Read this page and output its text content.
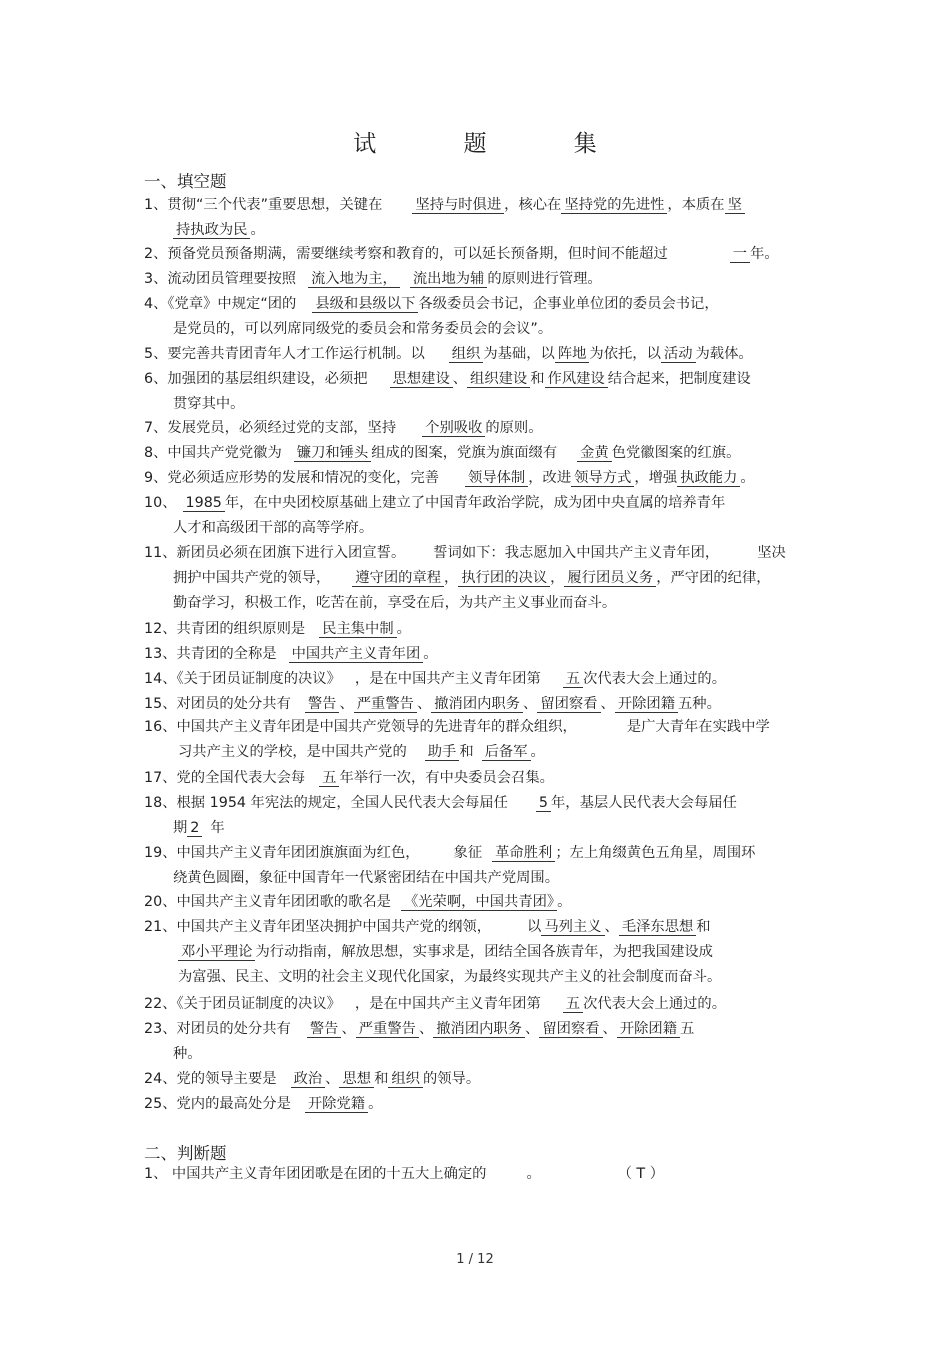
试 题 集
一、填空题
1、贯彻“三个代表”重要思想，关键在 坚持与时俱进 ，核心在 坚持党的先进性 ，本质在 坚
持执政为民 。
2、预备党员预备期满，需要继续考察和教育的，可以延长预备期，但时间不能超过	一 年。
3、流动团员管理要按照 流入地为主， 流出地为辅 的原则进行管理。
4、《党章》中规定“团的 县级和县级以下 各级委员会书记，企事业单位团的委员会书记，
是党员的，可以列席同级党的委员会和常务委员会的会议”。
5、要完善共青团青年人才工作运行机制。以 组织 为基础，以 阵地 为依托，以 活动 为载体。
6、加强团的基层组织建设，必须把 思想建设 、 组织建设 和 作风建设 结合起来，把制度建设
贯穿其中。
7、发展党员，必须经过党的支部，坚持 个别吸收 的原则。
8、中国共产党党徽为 镰刀和锤头 组成的图案，党旗为旗面缀有 金黄 色党徽图案的红旗。
9、党必须适应形势的发展和情况的变化，完善 领导体制 ，改进 领导方式 ，增强 执政能力 。
10、 1985 年，在中央团校原基础上建立了中国青年政治学院，成为团中央直属的培养青年
人才和高级团干部的高等学府。
11、新团员必须在团旗下进行入团宣誓。 誓词如下：我志愿加入中国共产主义青年团，	坚决
拥护中国共产党的领导， 遵守团的章程 ， 执行团的决议 ， 履行团员义务 ，严守团的纪律，
勤奋学习，积极工作，吃苦在前，享受在后，为共产主义事业而奋斗。
12、共青团的组织原则是 民主集中制 。
13、共青团的全称是 中国共产主义青年团 。
14、《关于团员证制度的决议》 ，是在中国共产主义青年团第 五 次代表大会上通过的。
15、对团员的处分共有 警告 、 严重警告 、 撤消团内职务 、 留团察看 、 开除团籍 五种。
16、中国共产主义青年团是中国共产党领导的先进青年的群众组织，	是广大青年在实践中学
习共产主义的学校，是中国共产党的 助手 和 后备军 。
17、党的全国代表大会每 五 年举行一次，有中央委员会召集。
18、根据 1954 年宪法的规定，全国人民代表大会每届任 5 年，基层人民代表大会每届任
期 2 年
19、中国共产主义青年团团旗旗面为红色， 象征 革命胜利 ；左上角缀黄色五角星，周围环
绕黄色圆圈，象征中国青年一代紧密团结在中国共产党周围。
20、中国共产主义青年团团歌的歌名是 《光荣啊，中国共青团》 。
21、中国共产主义青年团坚决拥护中国共产党的纲领，	以 马列主义 、 毛泽东思想 和
邓小平理论 为行动指南，解放思想，实事求是，团结全国各族青年，为把我国建设成
为富强、民主、文明的社会主义现代化国家，为最终实现共产主义的社会制度而奋斗。
22、《关于团员证制度的决议》 ，是在中国共产主义青年团第 五 次代表大会上通过的。
23、对团员的处分共有 警告 、 严重警告 、 撤消团内职务 、 留团察看 、 开除团籍 五
种。
24、党的领导主要是 政治 、 思想 和 组织 的领导。
25、党内的最高处分是 开除党籍 。
二、判断题
1、 中国共产主义青年团团歌是在团的十五大上确定的	。	（ T ）
1 / 12
